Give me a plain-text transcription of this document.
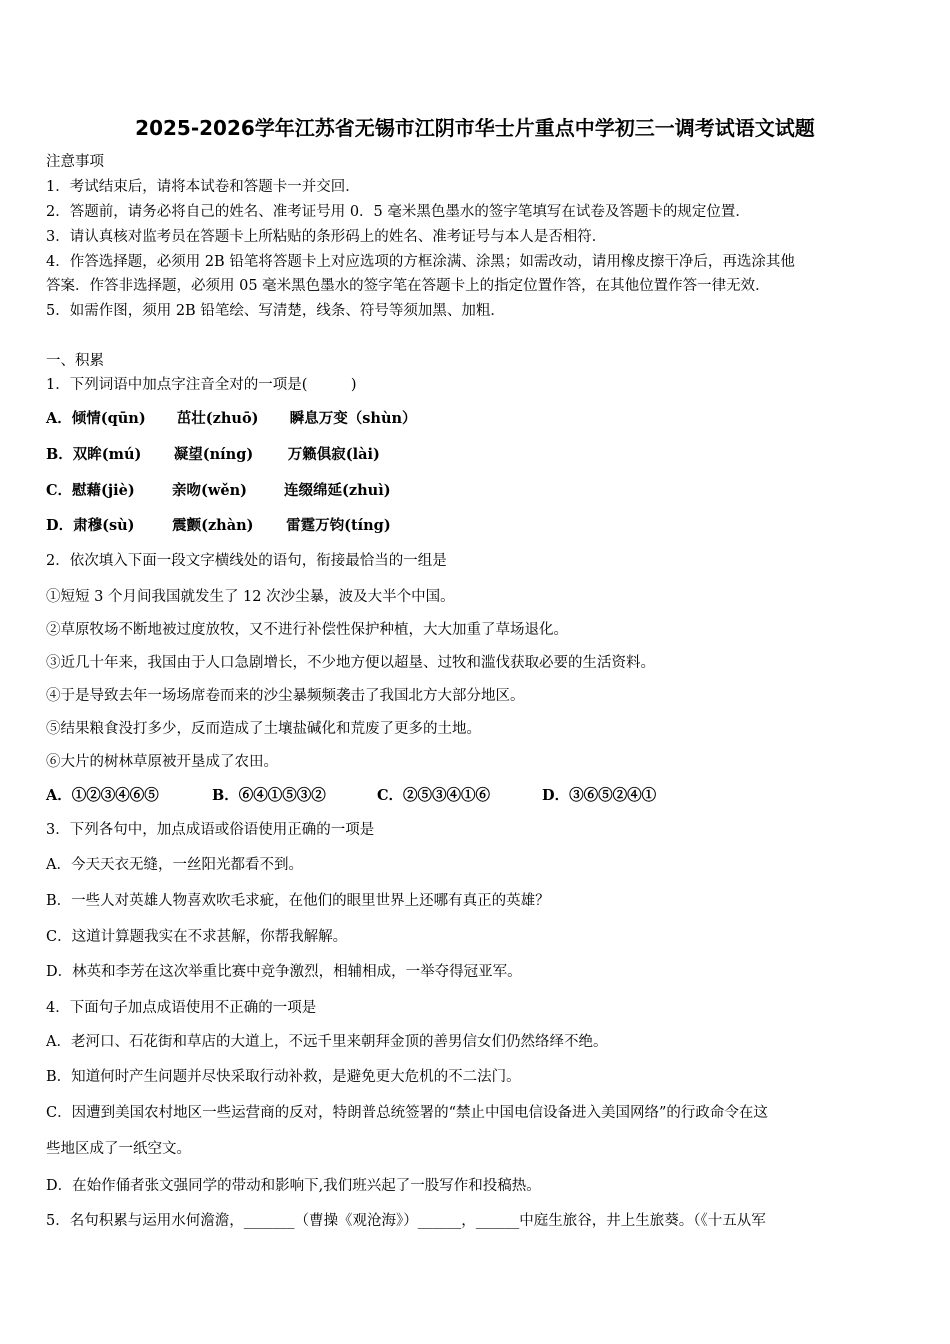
2025-2026学年江苏省无锡市江阴市华士片重点中学初三一调考试语文试题
注意事项
1．考试结束后，请将本试卷和答题卡一并交回．
2．答题前，请务必将自己的姓名、准考证号用 0．5 毫米黑色墨水的签字笔填写在试卷及答题卡的规定位置．
3．请认真核对监考员在答题卡上所粘贴的条形码上的姓名、准考证号与本人是否相符．
4．作答选择题，必须用 2B 铅笔将答题卡上对应选项的方框涂满、涂黑；如需改动，请用橡皮擦干净后，再选涂其他
答案．作答非选择题，必须用 05 毫米黑色墨水的签字笔在答题卡上的指定位置作答，在其他位置作答一律无效．
5．如需作图，须用 2B 铅笔绘、写清楚，线条、符号等须加黑、加粗．
一、积累
1．下列词语中加点字注音全对的一项是(　　　)
A．倾情(qūn) 茁壮(zhuō) 瞬息万变（shùn）
B．双眸(mú) 凝望(níng) 万籁俱寂(lài)
C．慰藉(jiè)	亲吻(wěn)	连缀绵延(zhuì)
D．肃穆(sù)	震颤(zhàn) 雷霆万钧(tíng)
2．依次填入下面一段文字横线处的语句，衔接最恰当的一组是
①短短 3 个月间我国就发生了 12 次沙尘暴，波及大半个中国。
②草原牧场不断地被过度放牧，又不进行补偿性保护种植，大大加重了草场退化。
③近几十年来，我国由于人口急剧增长，不少地方便以超垦、过牧和滥伐获取必要的生活资料。
④于是导致去年一场场席卷而来的沙尘暴频频袭击了我国北方大部分地区。
⑤结果粮食没打多少，反而造成了土壤盐碱化和荒废了更多的土地。
⑥大片的树林草原被开垦成了农田。
A．①②③④⑥⑤	B．⑥④①⑤③②	C．②⑤③④①⑥	D．③⑥⑤②④①
3．下列各句中，加点成语或俗语使用正确的一项是
A．今天天衣无缝，一丝阳光都看不到。
B．一些人对英雄人物喜欢吹毛求疵，在他们的眼里世界上还哪有真正的英雄？
C．这道计算题我实在不求甚解，你帮我解解。
D．林英和李芳在这次举重比赛中竞争激烈，相辅相成，一举夺得冠亚军。
4．下面句子加点成语使用不正确的一项是
A．老河口、石花街和草店的大道上，不远千里来朝拜金顶的善男信女们仍然络绎不绝。
B．知道何时产生问题并尽快采取行动补救，是避免更大危机的不二法门。
C．因遭到美国农村地区一些运营商的反对，特朗普总统签署的“禁止中国电信设备进入美国网络”的行政命令在这
些地区成了一纸空文。
D．在始作俑者张文强同学的带动和影响下,我们班兴起了一股写作和投稿热。
5．名句积累与运用水何澹澹，_______（曹操《观沧海》）______，______中庭生旅谷，井上生旅葵。（《十五从军
